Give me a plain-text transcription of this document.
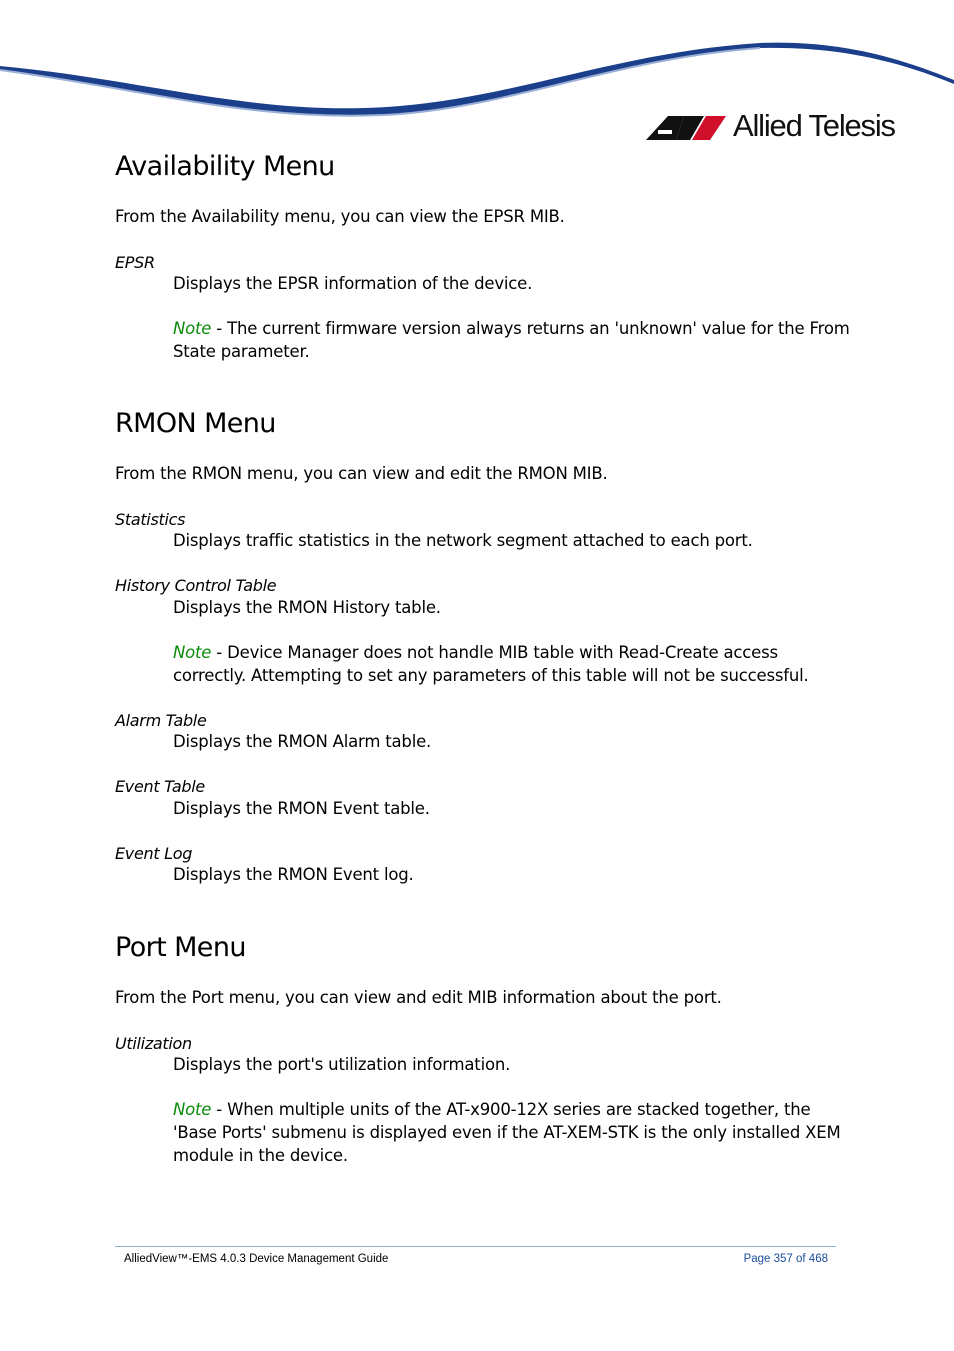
Allied Telesis
Availability Menu
From the Availability menu, you can view the EPSR MIB.
EPSR
Displays the EPSR information of the device.
Note - The current firmware version always returns an 'unknown' value for the From
State parameter.
RMON Menu
From the RMON menu, you can view and edit the RMON MIB.
Statistics
Displays traffic statistics in the network segment attached to each port.
History Control Table
Displays the RMON History table.
Note - Device Manager does not handle MIB table with Read-Create access
correctly. Attempting to set any parameters of this table will not be successful.
Alarm Table
Displays the RMON Alarm table.
Event Table
Displays the RMON Event table.
Event Log
Displays the RMON Event log.
Port Menu
From the Port menu, you can view and edit MIB information about the port.
Utilization
Displays the port's utilization information.
Note - When multiple units of the AT-x900-12X series are stacked together, the
'Base Ports' submenu is displayed even if the AT-XEM-STK is the only installed XEM
module in the device.
AlliedView™-EMS 4.0.3 Device Management Guide	Page 357 of 468
